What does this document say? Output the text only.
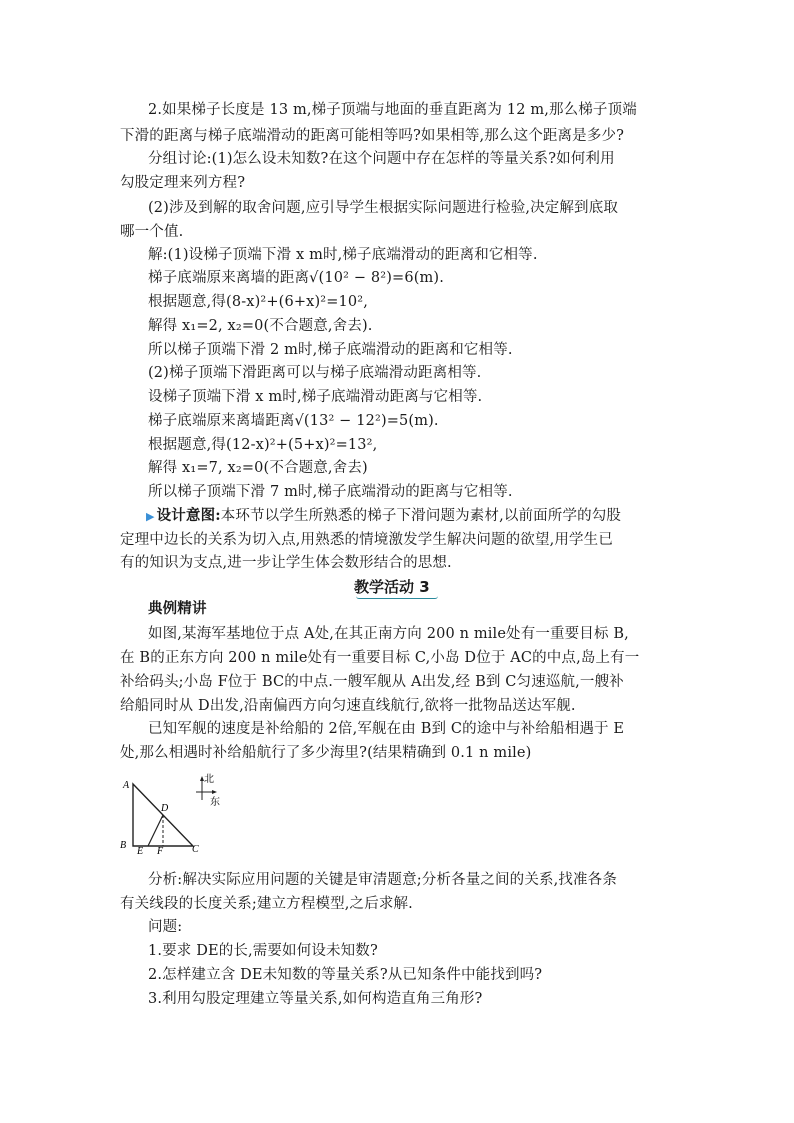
2.如果梯子长度是 13 m,梯子顶端与地面的垂直距离为 12 m,那么梯子顶端
下滑的距离与梯子底端滑动的距离可能相等吗?如果相等,那么这个距离是多少?
分组讨论:(1)怎么设未知数?在这个问题中存在怎样的等量关系?如何利用
勾股定理来列方程?
(2)涉及到解的取舍问题,应引导学生根据实际问题进行检验,决定解到底取
哪一个值.
解:(1)设梯子顶端下滑 x m时,梯子底端滑动的距离和它相等.
梯子底端原来离墙的距离√(10² − 8²)=6(m).
根据题意,得(8-x)²+(6+x)²=10²,
解得 x₁=2, x₂=0(不合题意,舍去).
所以梯子顶端下滑 2 m时,梯子底端滑动的距离和它相等.
(2)梯子顶端下滑距离可以与梯子底端滑动距离相等.
设梯子顶端下滑 x m时,梯子底端滑动距离与它相等.
梯子底端原来离墙距离√(13² − 12²)=5(m).
根据题意,得(12-x)²+(5+x)²=13²,
解得 x₁=7, x₂=0(不合题意,舍去)
所以梯子顶端下滑 7 m时,梯子底端滑动的距离与它相等.
▶ 设计意图:本环节以学生所熟悉的梯子下滑问题为素材,以前面所学的勾股
定理中边长的关系为切入点,用熟悉的情境激发学生解决问题的欲望,用学生已
有的知识为支点,进一步让学生体会数形结合的思想.
教学活动 3
典例精讲
如图,某海军基地位于点 A处,在其正南方向 200 n mile处有一重要目标 B,
在 B的正东方向 200 n mile处有一重要目标 C,小岛 D位于 AC的中点,岛上有一
补给码头;小岛 F位于 BC的中点.一艘军舰从 A出发,经 B到 C匀速巡航,一艘补
给船同时从 D出发,沿南偏西方向匀速直线航行,欲将一批物品送达军舰.
已知军舰的速度是补给船的 2倍,军舰在由 B到 C的途中与补给船相遇于 E
处,那么相遇时补给船航行了多少海里?(结果精确到 0.1 n mile)
A
B	C
D
E F
北
东
分析:解决实际应用问题的关键是审清题意;分析各量之间的关系,找准各条
有关线段的长度关系;建立方程模型,之后求解.
问题:
1.要求 DE的长,需要如何设未知数?
2.怎样建立含 DE未知数的等量关系?从已知条件中能找到吗?
3.利用勾股定理建立等量关系,如何构造直角三角形?
